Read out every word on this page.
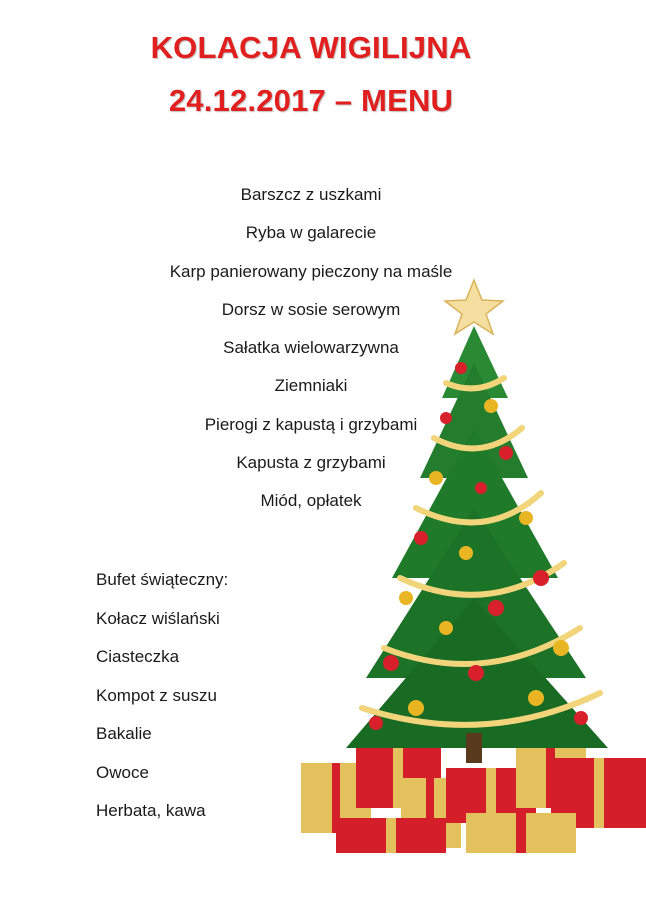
KOLACJA WIGILIJNA
24.12.2017 – MENU
Barszcz z uszkami
Ryba w galarecie
Karp panierowany pieczony na maśle
Dorsz w sosie serowym
Sałatka wielowarzywna
Ziemniaki
Pierogi z kapustą i grzybami
Kapusta z grzybami
Miód, opłatek
Bufet świąteczny:
Kołacz wiślański
Ciasteczka
Kompot z suszu
Bakalie
Owoce
Herbata, kawa
